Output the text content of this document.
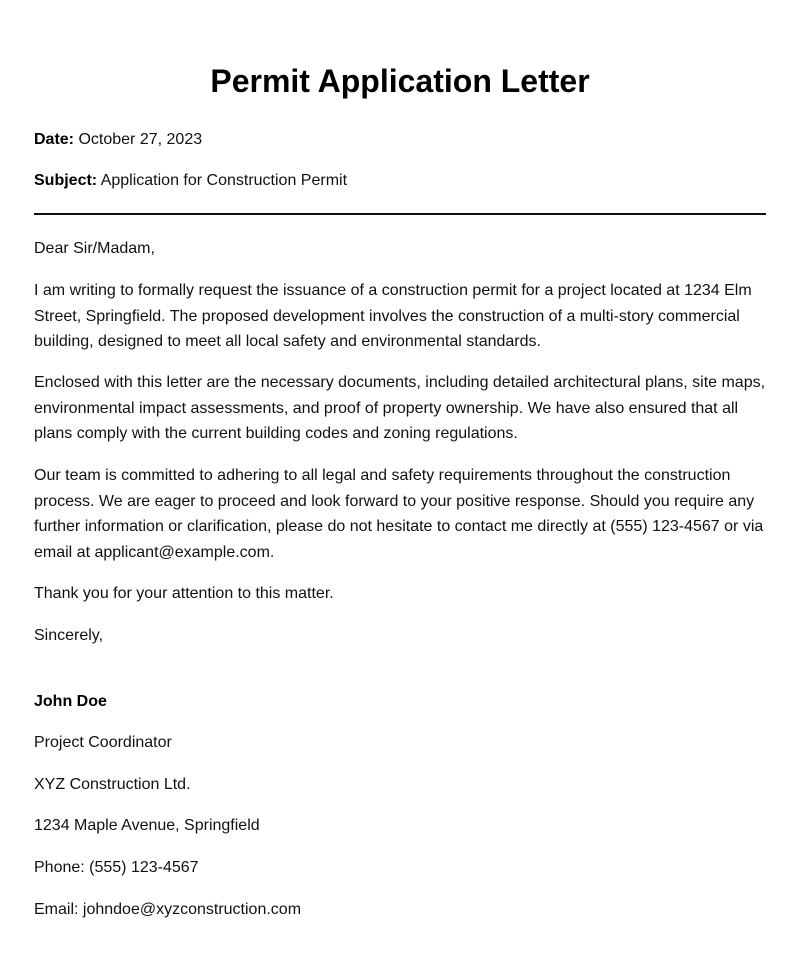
Permit Application Letter

Date: October 27, 2023

Subject: Application for Construction Permit

Dear Sir/Madam,

I am writing to formally request the issuance of a construction permit for a project located at 1234 Elm Street, Springfield. The proposed development involves the construction of a multi-story commercial building, designed to meet all local safety and environmental standards.

Enclosed with this letter are the necessary documents, including detailed architectural plans, site maps, environmental impact assessments, and proof of property ownership. We have also ensured that all plans comply with the current building codes and zoning regulations.

Our team is committed to adhering to all legal and safety requirements throughout the construction process. We are eager to proceed and look forward to your positive response. Should you require any further information or clarification, please do not hesitate to contact me directly at (555) 123-4567 or via email at applicant@example.com.

Thank you for your attention to this matter.

Sincerely,

John Doe

Project Coordinator

XYZ Construction Ltd.

1234 Maple Avenue, Springfield

Phone: (555) 123-4567

Email: johndoe@xyzconstruction.com
